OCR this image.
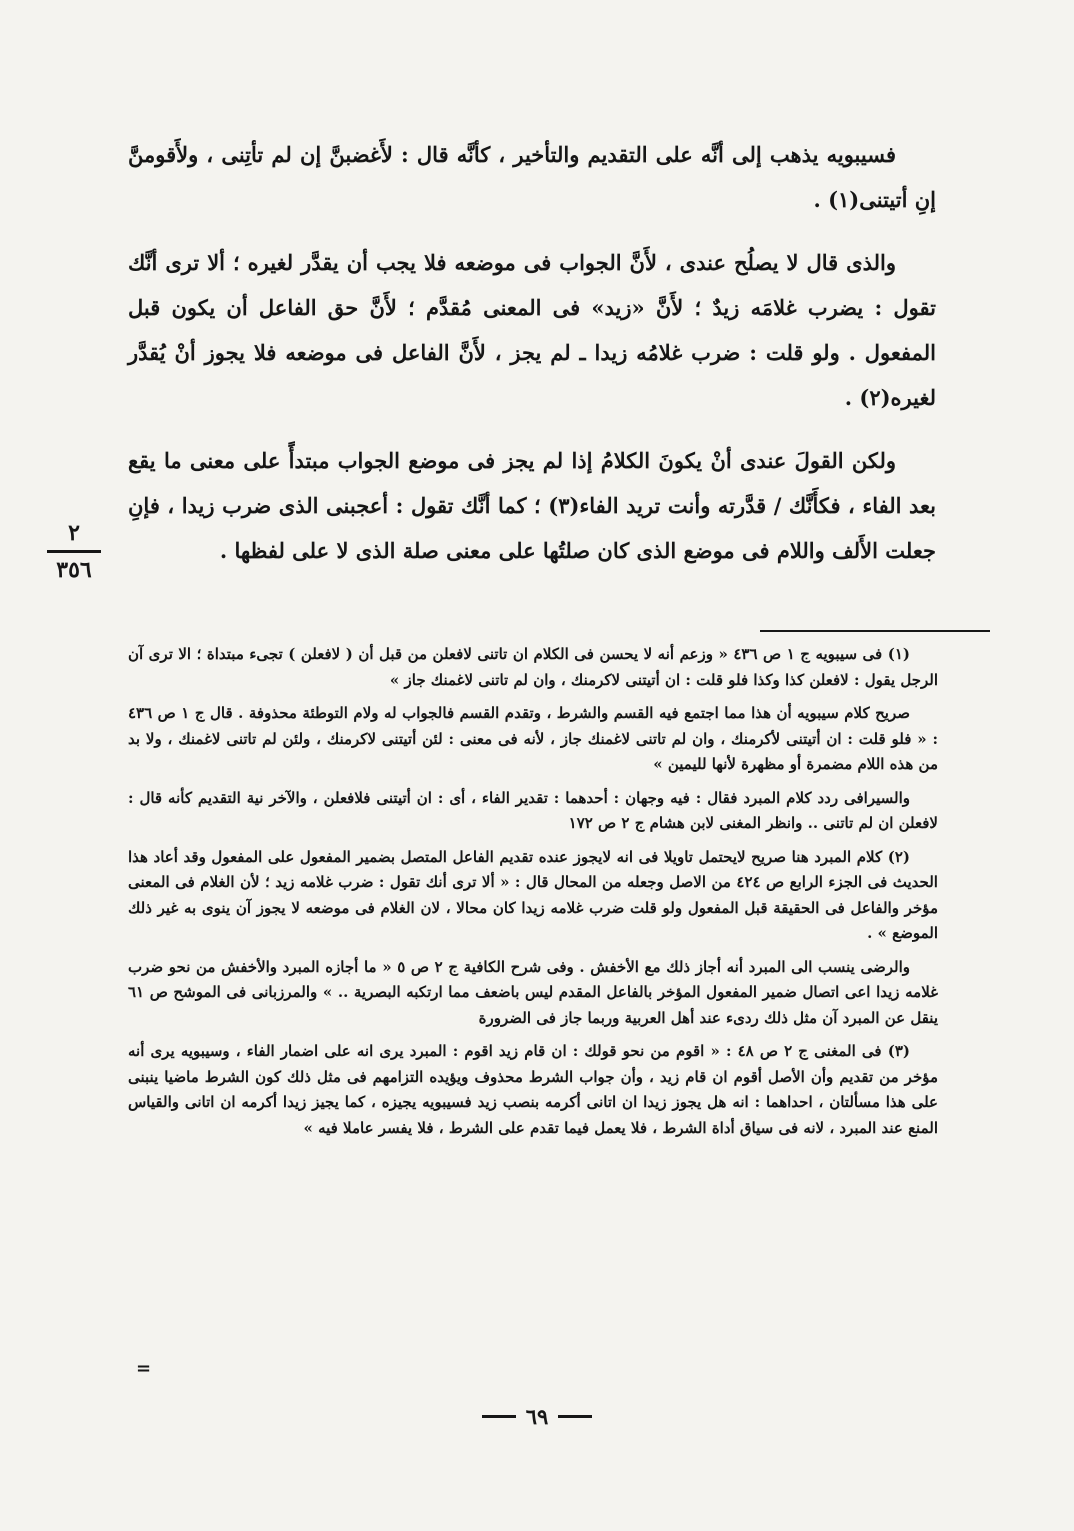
فسيبويه يذهب إلى أنَّه على التقديم والتأخير ، كأنَّه قال : لأَغضبنَّ إن لم تأتِنى ، ولأَقومنَّ إنِ أتيتنى(١) .

والذى قال لا يصلُح عندى ، لأَنَّ الجواب فى موضعه فلا يجب أن يقدَّر لغيره ؛ ألا ترى أنَّك تقول : يضرب غلامَه زيدٌ ؛ لأَنَّ «زيد» فى المعنى مُقدَّم ؛ لأَنَّ حق الفاعل أن يكون قبل المفعول . ولو قلت : ضرب غلامُه زيدا ـ لم يجز ، لأَنَّ الفاعل فى موضعه فلا يجوز أنْ يُقدَّر لغيره(٢) .

ولكن القولَ عندى أنْ يكونَ الكلامُ إذا لم يجز فى موضع الجواب مبتدأً على معنى ما يقع بعد الفاء ، فكأَنَّك / قدَّرته وأنت تريد الفاء(٣) ؛ كما أنَّك تقول : أعجبنى الذى ضرب زيدا ، فإنِ جعلت الأَلف واللام فى موضع الذى كان صلتُها على معنى صلة الذى لا على لفظها .

٢
٣٥٦

(١) فى سيبويه ج ١ ص ٤٣٦ « وزعم أنه لا يحسن فى الكلام ان تاتنى لافعلن من قبل أن ( لافعلن ) تجىء مبتداة ؛ الا ترى آن الرجل يقول : لافعلن كذا وكذا فلو قلت : ان أتيتنى لاكرمنك ، وان لم تاتنى لاغمنك جاز »

صريح كلام سيبويه أن هذا مما اجتمع فيه القسم والشرط ، وتقدم القسم فالجواب له ولام التوطئة محذوفة . قال ج ١ ص ٤٣٦ : « فلو قلت : ان أتيتنى لأكرمنك ، وان لم تاتنى لاغمنك جاز ، لأنه فى معنى : لئن أتيتنى لاكرمنك ، ولئن لم تاتنى لاغمنك ، ولا بد من هذه اللام مضمرة أو مظهرة لأنها لليمين »

والسيرافى ردد كلام المبرد فقال : فيه وجهان : أحدهما : تقدير الفاء ، أى : ان أتيتنى فلافعلن ، والآخر نية التقديم كأنه قال : لافعلن ان لم تاتنى .. وانظر المغنى لابن هشام ج ٢ ص ١٧٢

(٢) كلام المبرد هنا صريح لايحتمل تاويلا فى انه لايجوز عنده تقديم الفاعل المتصل بضمير المفعول على المفعول وقد أعاد هذا الحديث فى الجزء الرابع ص ٤٢٤ من الاصل وجعله من المحال قال : « ألا ترى أنك تقول : ضرب غلامه زيد ؛ لأن الغلام فى المعنى مؤخر والفاعل فى الحقيقة قبل المفعول ولو قلت ضرب غلامه زيدا كان محالا ، لان الغلام فى موضعه لا يجوز آن ينوى به غير ذلك الموضع » .

والرضى ينسب الى المبرد أنه أجاز ذلك مع الأخفش . وفى شرح الكافية ج ٢ ص ٥ « ما أجازه المبرد والأخفش من نحو ضرب غلامه زيدا اعى اتصال ضمير المفعول المؤخر بالفاعل المقدم ليس باضعف مما ارتكبه البصرية .. » والمرزبانى فى الموشح ص ٦١ ينقل عن المبرد آن مثل ذلك ردىء عند أهل العربية وربما جاز فى الضرورة

(٣) فى المغنى ج ٢ ص ٤٨ : « اقوم من نحو قولك : ان قام زيد اقوم : المبرد يرى انه على اضمار الفاء ، وسيبويه يرى أنه مؤخر من تقديم وأن الأصل أقوم ان قام زيد ، وأن جواب الشرط محذوف ويؤيده التزامهم فى مثل ذلك كون الشرط ماضيا ينبنى على هذا مسألتان ، احداهما : انه هل يجوز زيدا ان اتانى أكرمه بنصب زيد فسيبويه يجيزه ، كما يجيز زيدا أكرمه ان اتانى والقياس المنع عند المبرد ، لانه فى سياق أداة الشرط ، فلا يعمل فيما تقدم على الشرط ، فلا يفسر عاملا فيه »

=
٦٩
